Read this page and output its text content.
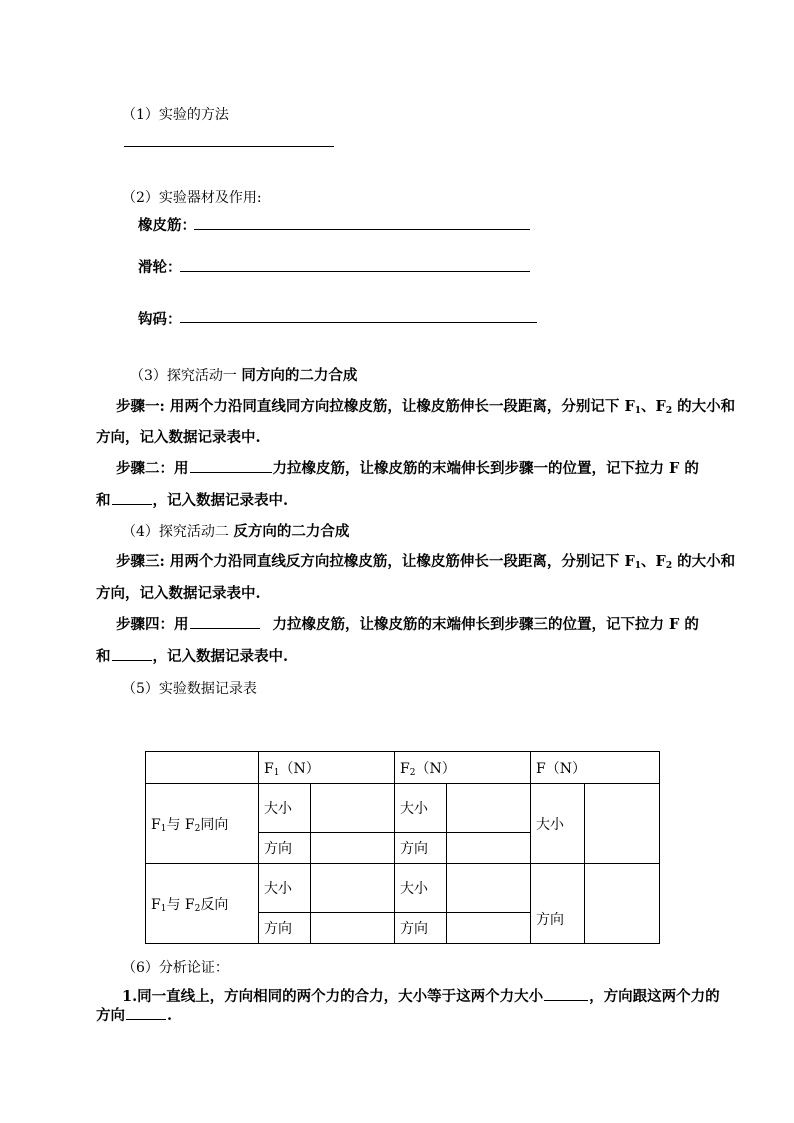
（1）实验的方法
（2）实验器材及作用:
橡皮筋：
滑轮：
钩码：
（3）探究活动一 同方向的二力合成
步骤一: 用两个力沿同直线同方向拉橡皮筋，让橡皮筋伸长一段距离，分别记下 $F_1$、$F_2$ 的大小和
方向，记入数据记录表中.
步骤二：用	力拉橡皮筋，让橡皮筋的末端伸长到步骤一的位置，记下拉力 F 的
和	，记入数据记录表中.
（4）探究活动二 反方向的二力合成
步骤三: 用两个力沿同直线反方向拉橡皮筋，让橡皮筋伸长一段距离，分别记下 $F_1$、$F_2$ 的大小和
方向，记入数据记录表中.
步骤四：用	力拉橡皮筋，让橡皮筋的末端伸长到步骤三的位置，记下拉力 F 的
和	，记入数据记录表中.
（5）实验数据记录表
	$F_1(N)$		$F_2(N)$		F（N）	
$F_1$与 $F_2$同向	大小		大小		大小	
	方向		方向			
$F_1$与 $F_2$反向	大小		大小		方向	
	方向		方向			
（6）分析论证：
1.同一直线上，方向相同的两个力的合力，大小等于这两个力大小	，方向跟这两个力的
方向	.
